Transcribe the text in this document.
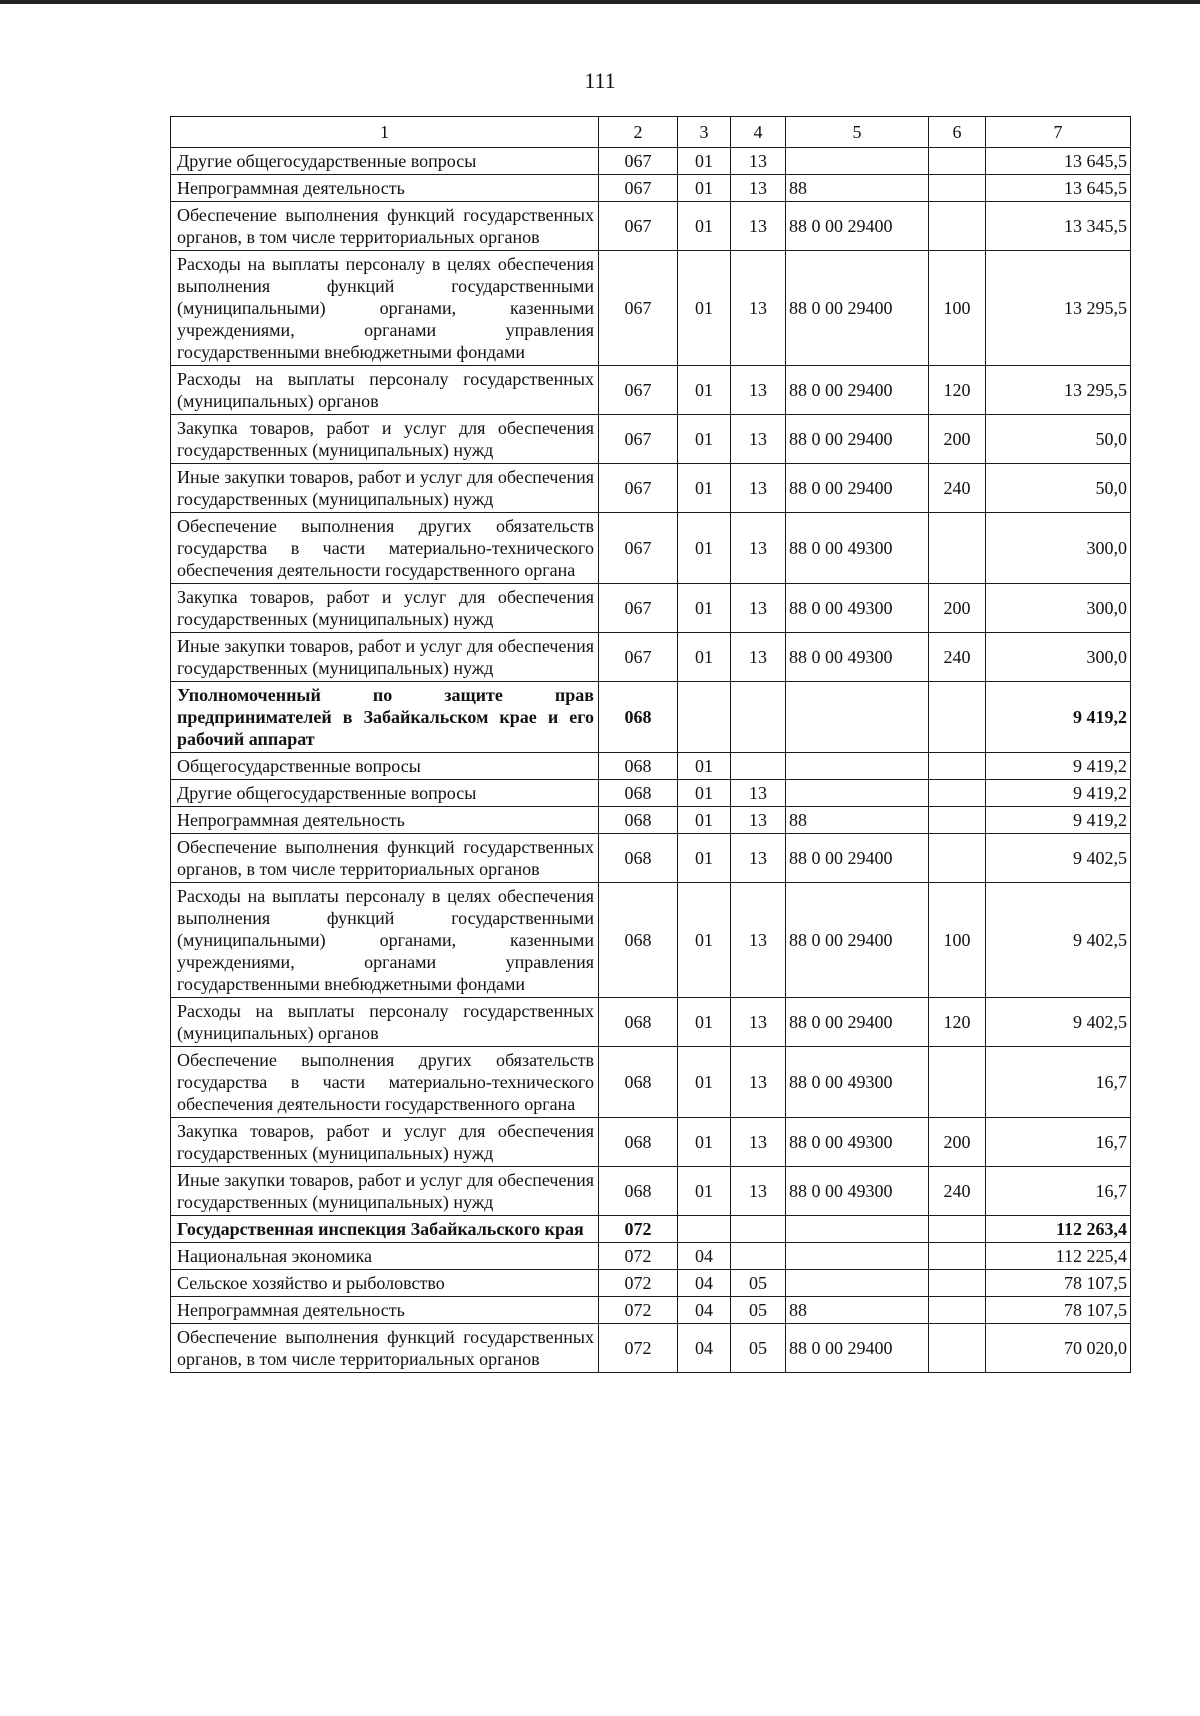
111
1	2	3	4	5	6	7
Другие общегосударственные вопросы	067	01	13			13 645,5
Непрограммная деятельность	067	01	13	88		13 645,5
Обеспечение выполнения функций государственных органов, в том числе территориальных органов	067	01	13	88 0 00 29400		13 345,5
Расходы на выплаты персоналу в целях обеспечения выполнения функций государственными (муниципальными) органами, казенными учреждениями, органами управления государственными внебюджетными фондами	067	01	13	88 0 00 29400	100	13 295,5
Расходы на выплаты персоналу государственных (муниципальных) органов	067	01	13	88 0 00 29400	120	13 295,5
Закупка товаров, работ и услуг для обеспечения государственных (муниципальных) нужд	067	01	13	88 0 00 29400	200	50,0
Иные закупки товаров, работ и услуг для обеспечения государственных (муниципальных) нужд	067	01	13	88 0 00 29400	240	50,0
Обеспечение выполнения других обязательств государства в части материально-технического обеспечения деятельности государственного органа	067	01	13	88 0 00 49300		300,0
Закупка товаров, работ и услуг для обеспечения государственных (муниципальных) нужд	067	01	13	88 0 00 49300	200	300,0
Иные закупки товаров, работ и услуг для обеспечения государственных (муниципальных) нужд	067	01	13	88 0 00 49300	240	300,0
Уполномоченный по защите прав предпринимателей в Забайкальском крае и его рабочий аппарат	068					9 419,2
Общегосударственные вопросы	068	01				9 419,2
Другие общегосударственные вопросы	068	01	13			9 419,2
Непрограммная деятельность	068	01	13	88		9 419,2
Обеспечение выполнения функций государственных органов, в том числе территориальных органов	068	01	13	88 0 00 29400		9 402,5
Расходы на выплаты персоналу в целях обеспечения выполнения функций государственными (муниципальными) органами, казенными учреждениями, органами управления государственными внебюджетными фондами	068	01	13	88 0 00 29400	100	9 402,5
Расходы на выплаты персоналу государственных (муниципальных) органов	068	01	13	88 0 00 29400	120	9 402,5
Обеспечение выполнения других обязательств государства в части материально-технического обеспечения деятельности государственного органа	068	01	13	88 0 00 49300		16,7
Закупка товаров, работ и услуг для обеспечения государственных (муниципальных) нужд	068	01	13	88 0 00 49300	200	16,7
Иные закупки товаров, работ и услуг для обеспечения государственных (муниципальных) нужд	068	01	13	88 0 00 49300	240	16,7
Государственная инспекция Забайкальского края	072					112 263,4
Национальная экономика	072	04				112 225,4
Сельское хозяйство и рыболовство	072	04	05			78 107,5
Непрограммная деятельность	072	04	05	88		78 107,5
Обеспечение выполнения функций государственных органов, в том числе территориальных органов	072	04	05	88 0 00 29400		70 020,0
